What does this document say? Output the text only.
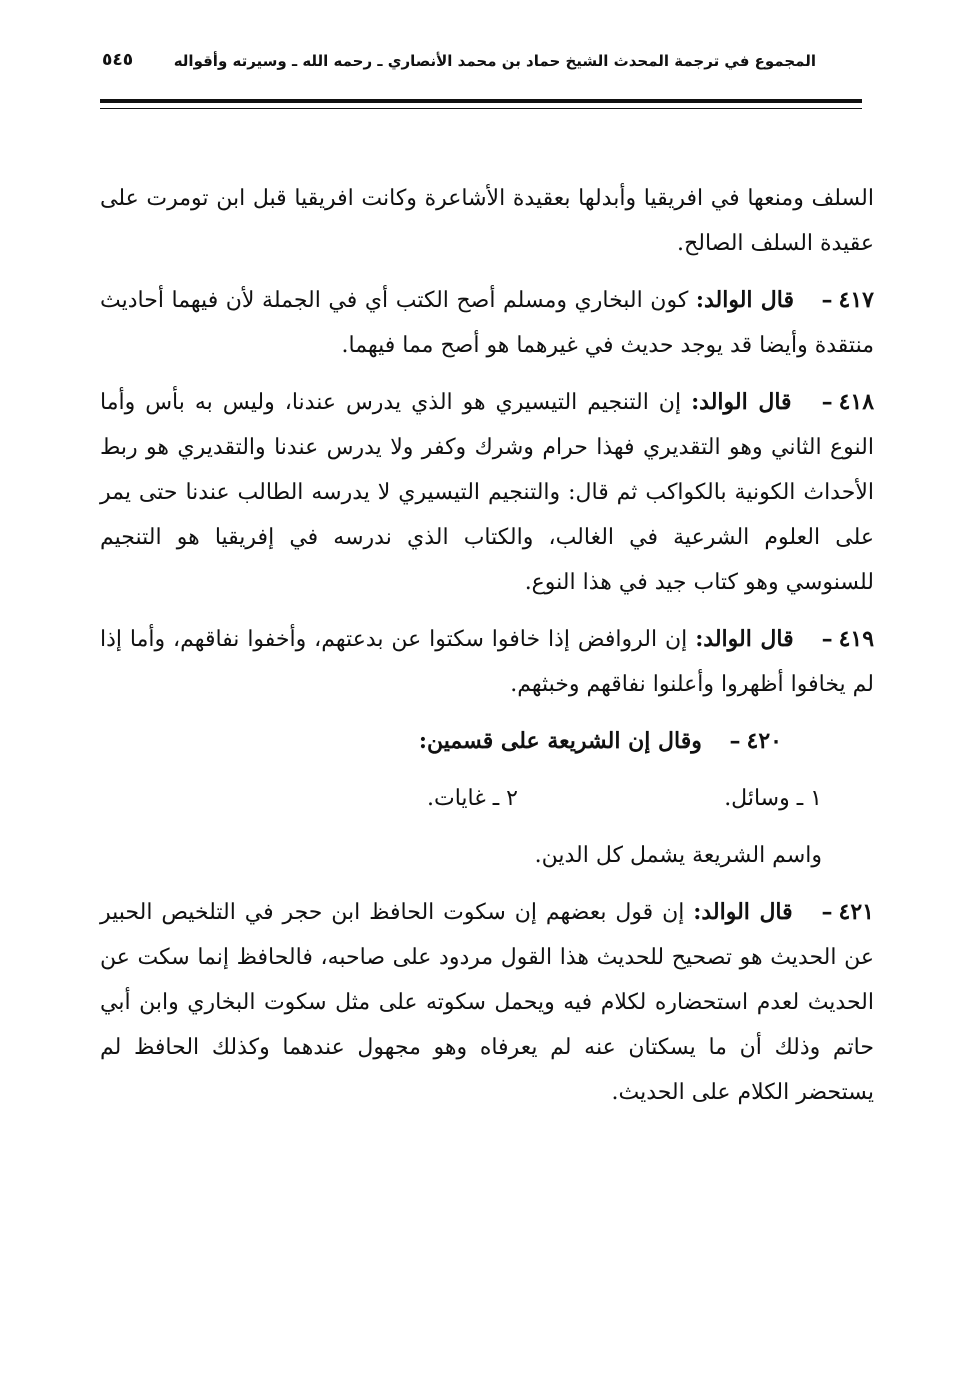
المجموع في ترجمة المحدث الشيخ حماد بن محمد الأنصاري ـ رحمه الله ـ وسيرته وأقواله
٥٤٥

السلف ومنعها في افريقيا وأبدلها بعقيدة الأشاعرة وكانت افريقيا قبل ابن تومرت على عقيدة السلف الصالح.

٤١٧– قال الوالد: كون البخاري ومسلم أصح الكتب أي في الجملة لأن فيهما أحاديث منتقدة وأيضا قد يوجد حديث في غيرهما هو أصح مما فيهما.

٤١٨– قال الوالد: إن التنجيم التيسيري هو الذي يدرس عندنا، وليس به بأس وأما النوع الثاني وهو التقديري فهذا حرام وشرك وكفر ولا يدرس عندنا والتقديري هو ربط الأحداث الكونية بالكواكب ثم قال: والتنجيم التيسيري لا يدرسه الطالب عندنا حتى يمر على العلوم الشرعية في الغالب، والكتاب الذي ندرسه في إفريقيا هو التنجيم للسنوسي وهو كتاب جيد في هذا النوع.

٤١٩– قال الوالد: إن الروافض إذا خافوا سكتوا عن بدعتهم، وأخفوا نفاقهم، وأما إذا لم يخافوا أظهروا وأعلنوا نفاقهم وخبثهم.

٤٢٠– وقال إن الشريعة على قسمين:

١ ـ وسائل.
٢ ـ غايات.

واسم الشريعة يشمل كل الدين.

٤٢١– قال الوالد: إن قول بعضهم إن سكوت الحافظ ابن حجر في التلخيص الحبير عن الحديث هو تصحيح للحديث هذا القول مردود على صاحبه، فالحافظ إنما سكت عن الحديث لعدم استحضاره لكلام فيه ويحمل سكوته على مثل سكوت البخاري وابن أبي حاتم وذلك أن ما يسكتان عنه لم يعرفاه وهو مجهول عندهما وكذلك الحافظ لم يستحضر الكلام على الحديث.
